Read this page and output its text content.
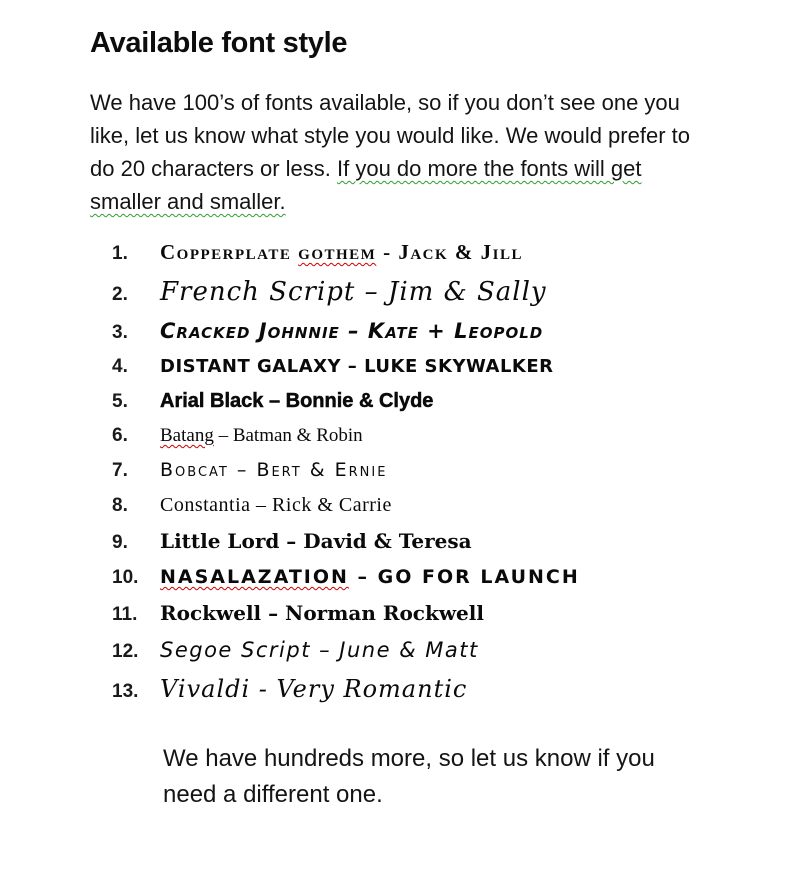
Available font style

We have 100’s of fonts available, so if you don’t see one you like, let us know what style you would like. We would prefer to do 20 characters or less. If you do more the fonts will get smaller and smaller.

1.	Copperplate gothem - Jack & Jill
2.	French Script – Jim & Sally
3.	Cracked Johnnie – Kate + Leopold
4.	DISTANT GALAXY – LUKE SKYWALKER
5.	Arial Black – Bonnie & Clyde
6.	Batang – Batman & Robin
7.	Bobcat – Bert & Ernie
8.	Constantia – Rick & Carrie
9.	Little Lord – David & Teresa
10.	NASALAZATION – GO FOR LAUNCH
11.	Rockwell – Norman Rockwell
12.	Segoe Script – June & Matt
13. Vivaldi - Very Romantic

We have hundreds more, so let us know if you need a different one.
